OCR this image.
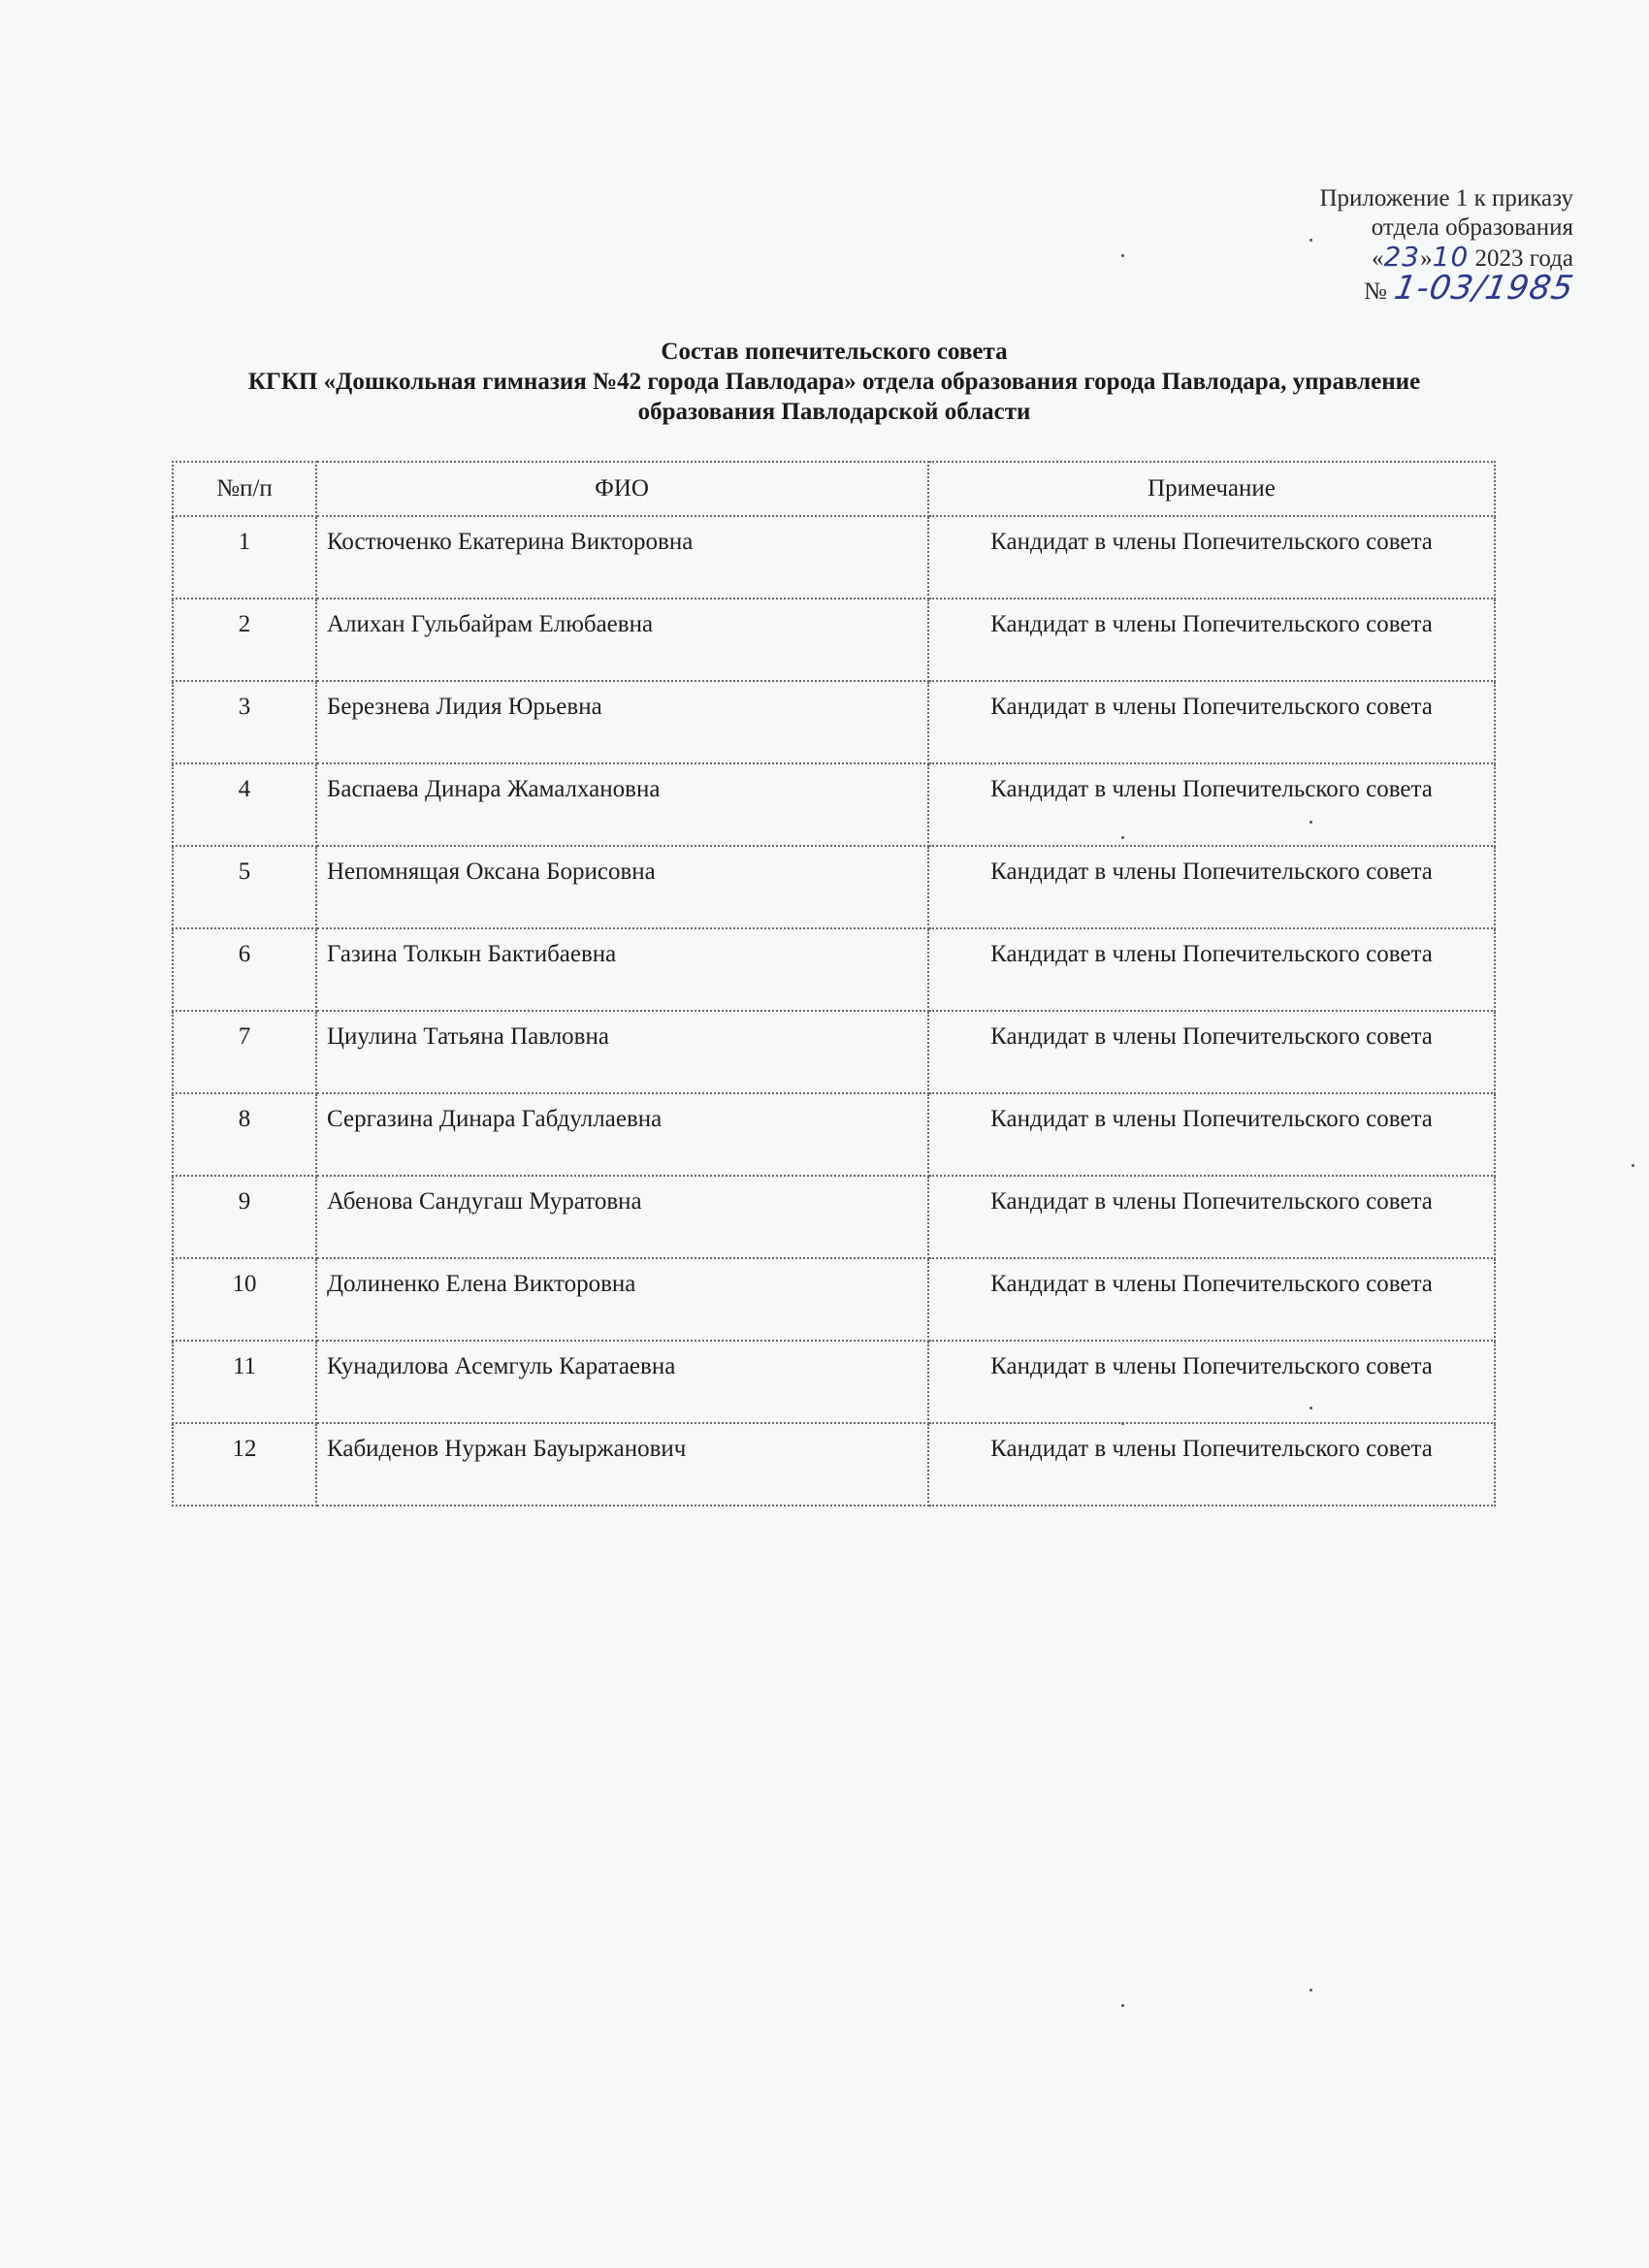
Приложение 1 к приказу
отдела образования
«23»10 2023 года
№ 1-03/1985
Состав попечительского совета
КГКП «Дошкольная гимназия №42 города Павлодара» отдела образования города Павлодара, управление
образования Павлодарской области
№п/п	ФИО	Примечание
1	Костюченко Екатерина Викторовна	Кандидат в члены Попечительского совета
2	Алихан Гульбайрам Елюбаевна	Кандидат в члены Попечительского совета
3	Березнева Лидия Юрьевна	Кандидат в члены Попечительского совета
4	Баспаева Динара Жамалхановна	Кандидат в члены Попечительского совета
5	Непомнящая Оксана Борисовна	Кандидат в члены Попечительского совета
6	Газина Толкын Бактибаевна	Кандидат в члены Попечительского совета
7	Циулина Татьяна Павловна	Кандидат в члены Попечительского совета
8	Сергазина Динара Габдуллаевна	Кандидат в члены Попечительского совета
9	Абенова Сандугаш Муратовна	Кандидат в члены Попечительского совета
10	Долиненко Елена Викторовна	Кандидат в члены Попечительского совета
11	Кунадилова Асемгуль Каратаевна	Кандидат в члены Попечительского совета
12	Кабиденов Нуржан Бауыржанович	Кандидат в члены Попечительского совета
